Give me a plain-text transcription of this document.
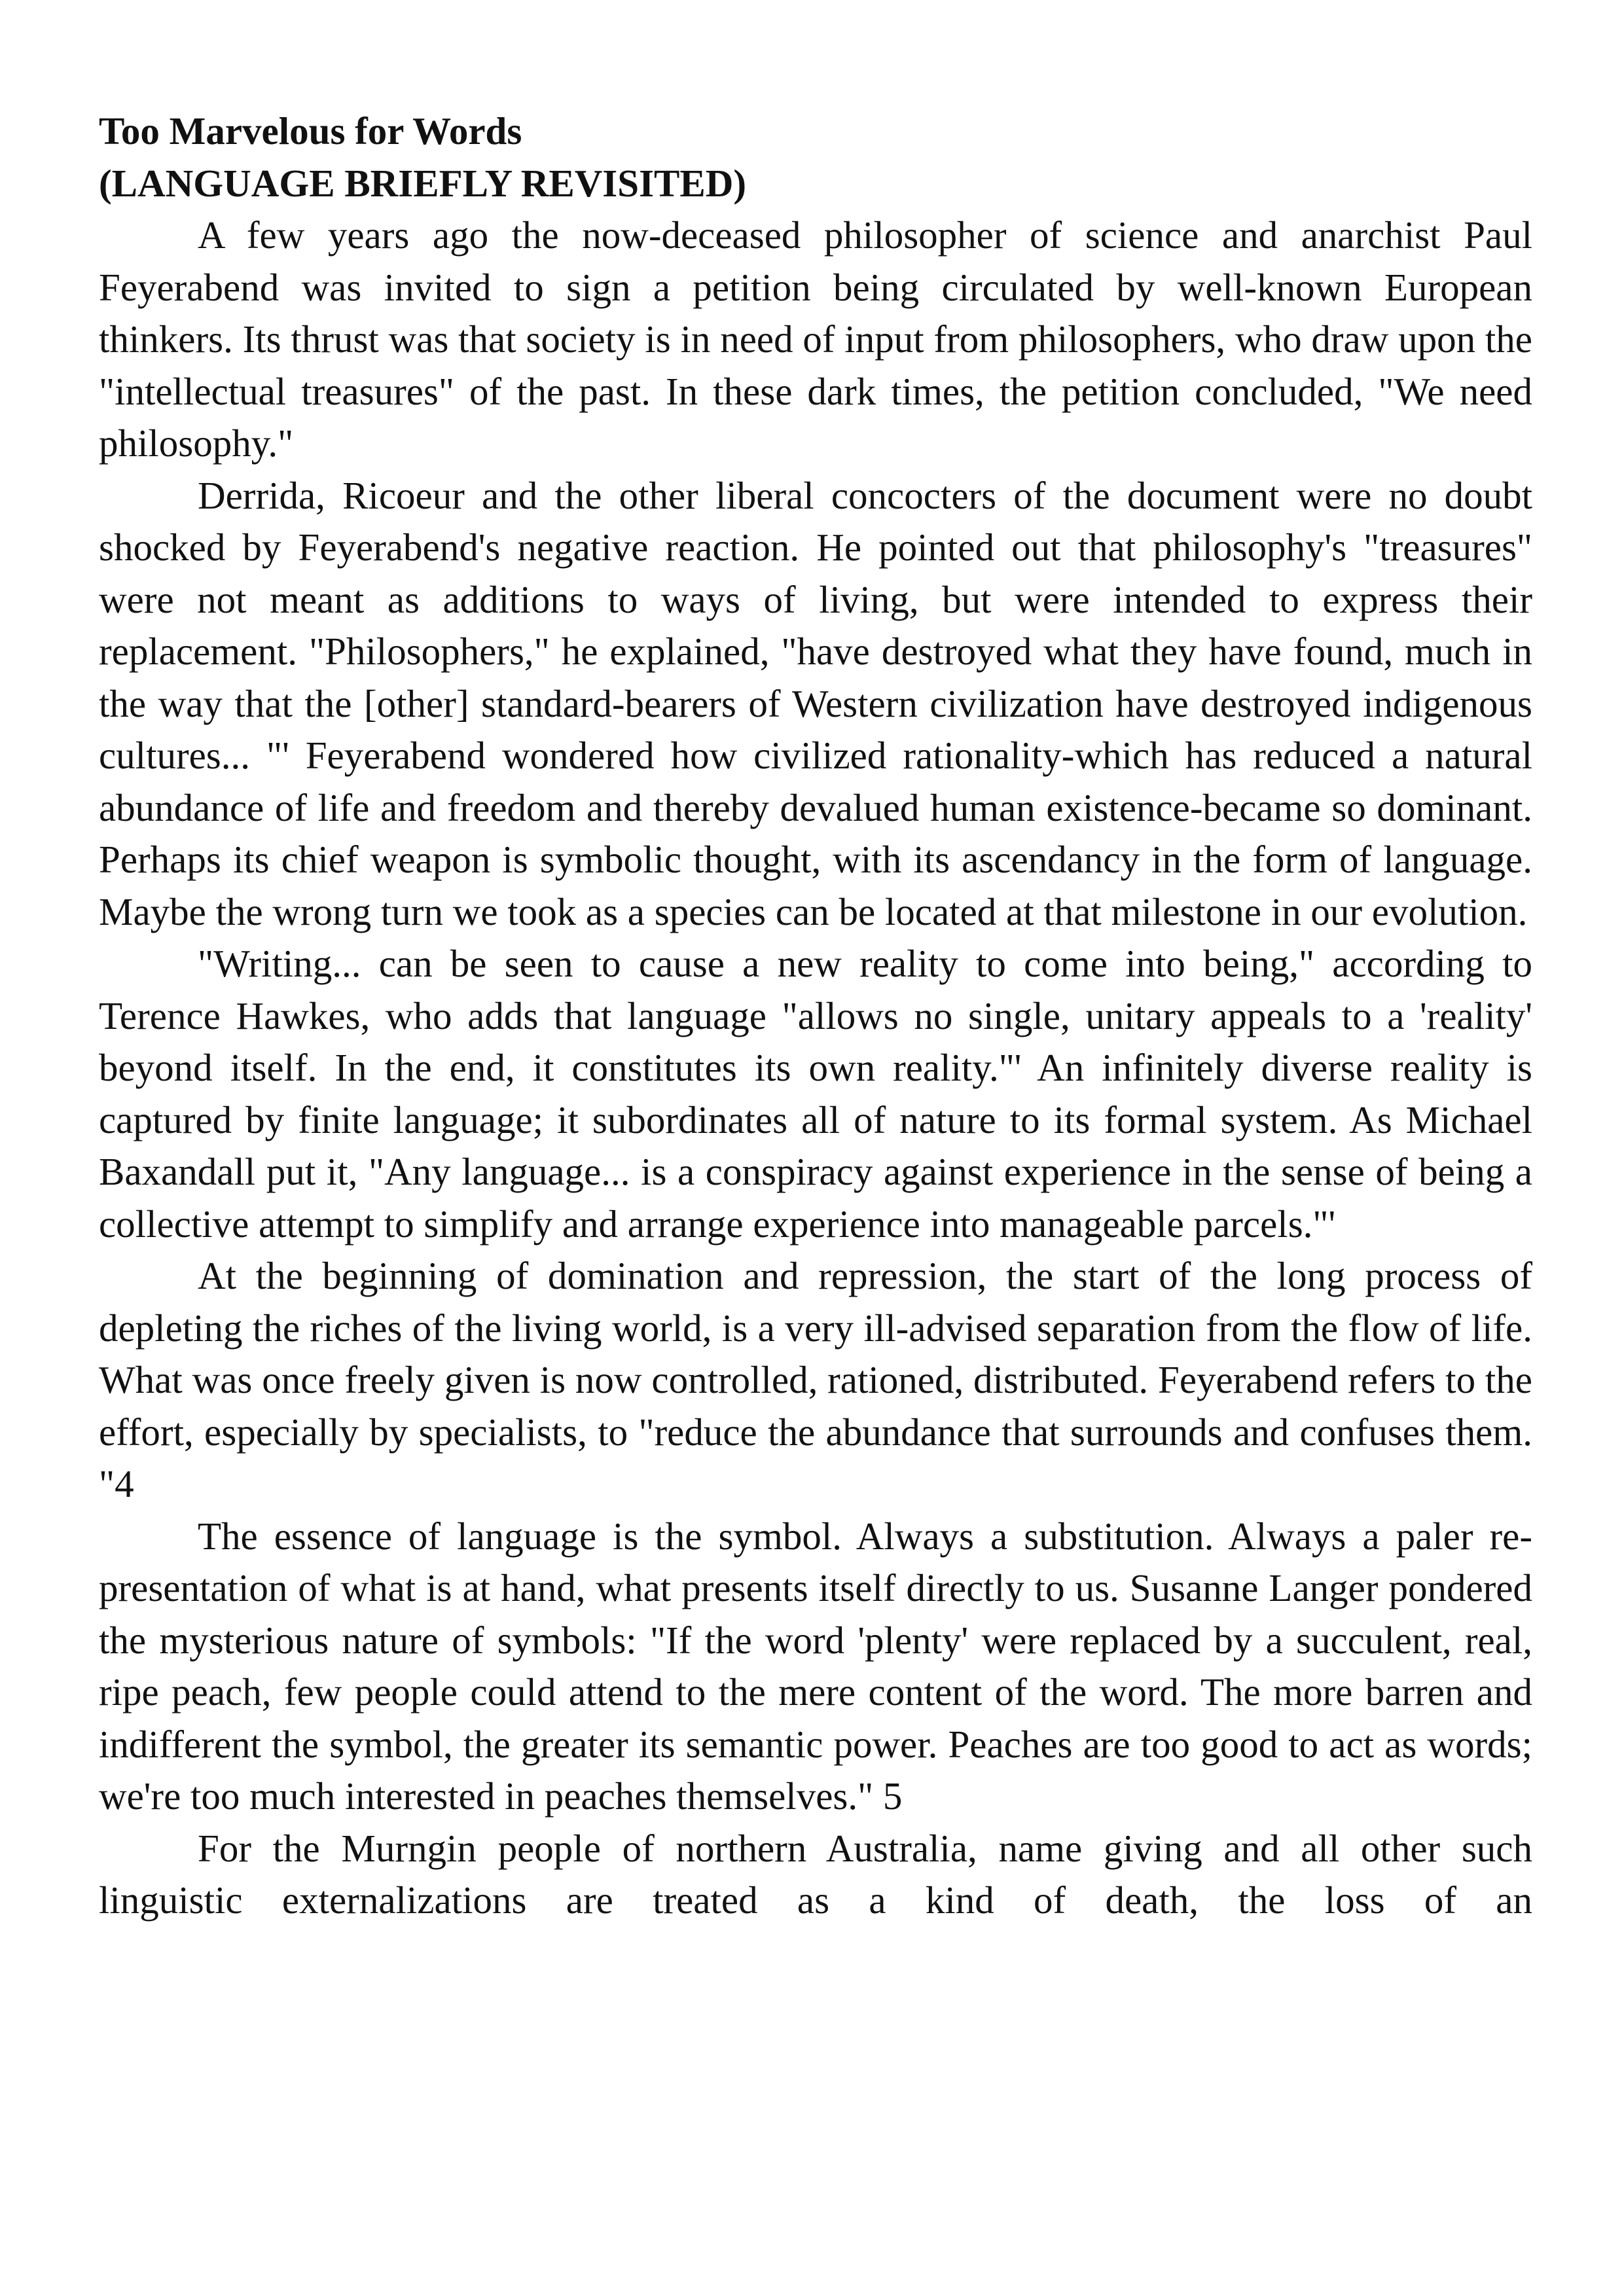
Too Marvelous for Words
(LANGUAGE BRIEFLY REVISITED)

A few years ago the now-deceased philosopher of science and anarchist Paul Feyerabend was invited to sign a petition being circulated by well-known European thinkers. Its thrust was that society is in need of input from philosophers, who draw upon the "intellectual treasures" of the past. In these dark times, the petition concluded, "We need philosophy."

Derrida, Ricoeur and the other liberal concocters of the document were no doubt shocked by Feyerabend's negative reaction. He pointed out that philosophy's "treasures" were not meant as additions to ways of living, but were intended to express their replacement. "Philosophers," he explained, "have destroyed what they have found, much in the way that the [other] standard-bearers of Western civilization have destroyed indigenous cultures... "' Feyerabend wondered how civilized rationality-which has reduced a natural abundance of life and freedom and thereby devalued human existence-became so dominant. Perhaps its chief weapon is symbolic thought, with its ascendancy in the form of language. Maybe the wrong turn we took as a species can be located at that milestone in our evolution.

"Writing... can be seen to cause a new reality to come into being," according to Terence Hawkes, who adds that language "allows no single, unitary appeals to a 'reality' beyond itself. In the end, it constitutes its own reality."' An infinitely diverse reality is captured by finite language; it subordinates all of nature to its formal system. As Michael Baxandall put it, "Any language... is a conspiracy against experience in the sense of being a collective attempt to simplify and arrange experience into manageable parcels."'

At the beginning of domination and repression, the start of the long process of depleting the riches of the living world, is a very ill-advised separation from the flow of life. What was once freely given is now controlled, rationed, distributed. Feyerabend refers to the effort, especially by specialists, to "reduce the abundance that surrounds and confuses them. "4

The essence of language is the symbol. Always a substitution. Always a paler re-presentation of what is at hand, what presents itself directly to us. Susanne Langer pondered the mysterious nature of symbols: "If the word 'plenty' were replaced by a succulent, real, ripe peach, few people could attend to the mere content of the word. The more barren and indifferent the symbol, the greater its semantic power. Peaches are too good to act as words; we're too much interested in peaches themselves." 5

For the Murngin people of northern Australia, name giving and all other such linguistic externalizations are treated as a kind of death, the loss of an
